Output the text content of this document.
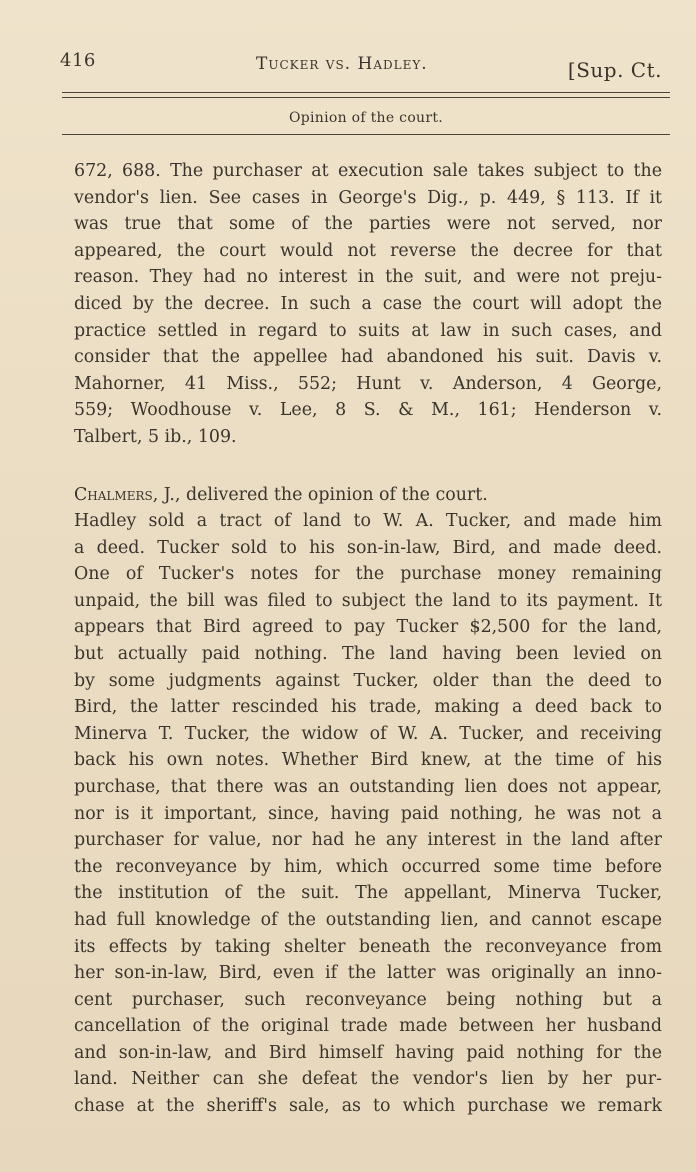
416	Tucker vs. Hadley.	[Sup. Ct.
Opinion of the court.
672, 688. The purchaser at execution sale takes subject to the
vendor's lien. See cases in George's Dig., p. 449, § 113. If it
was true that some of the parties were not served, nor
appeared, the court would not reverse the decree for that
reason. They had no interest in the suit, and were not preju-
diced by the decree. In such a case the court will adopt the
practice settled in regard to suits at law in such cases, and
consider that the appellee had abandoned his suit. Davis v.
Mahorner, 41 Miss., 552; Hunt v. Anderson, 4 George,
559; Woodhouse v. Lee, 8 S. & M., 161; Henderson v.
Talbert, 5 ib., 109.
Chalmers, J., delivered the opinion of the court.
Hadley sold a tract of land to W. A. Tucker, and made him
a deed. Tucker sold to his son-in-law, Bird, and made deed.
One of Tucker's notes for the purchase money remaining
unpaid, the bill was filed to subject the land to its payment. It
appears that Bird agreed to pay Tucker $2,500 for the land,
but actually paid nothing. The land having been levied on
by some judgments against Tucker, older than the deed to
Bird, the latter rescinded his trade, making a deed back to
Minerva T. Tucker, the widow of W. A. Tucker, and receiving
back his own notes. Whether Bird knew, at the time of his
purchase, that there was an outstanding lien does not appear,
nor is it important, since, having paid nothing, he was not a
purchaser for value, nor had he any interest in the land after
the reconveyance by him, which occurred some time before
the institution of the suit. The appellant, Minerva Tucker,
had full knowledge of the outstanding lien, and cannot escape
its effects by taking shelter beneath the reconveyance from
her son-in-law, Bird, even if the latter was originally an inno-
cent purchaser, such reconveyance being nothing but a
cancellation of the original trade made between her husband
and son-in-law, and Bird himself having paid nothing for the
land. Neither can she defeat the vendor's lien by her pur-
chase at the sheriff's sale, as to which purchase we remark
